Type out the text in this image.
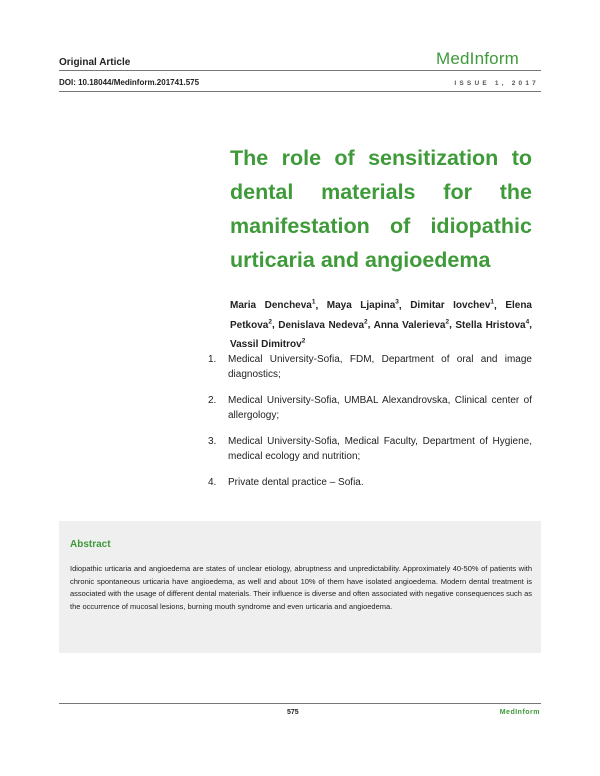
Original Article
DOI: 10.18044/Medinform.201741.575
MedInform
ISSUE 1, 2017
The role of sensitization to dental materials for the manifestation of idiopathic urticaria and angioedema
Maria Dencheva$^1$, Maya Ljapina$^3$, Dimitar Iovchev$^1$, Elena Petkova$^2$, Denislava Nedeva$^2$, Anna Valerieva$^2$, Stella Hristova$^4$, Vassil Dimitrov$^2$
1. Medical University-Sofia, FDM, Department of oral and image diagnostics;
2. Medical University-Sofia, UMBAL Alexandrovska, Clinical center of allergology;
3. Medical University-Sofia, Medical Faculty, Department of Hygiene, medical ecology and nutrition;
4. Private dental practice – Sofia.
Abstract
Idiopathic urticaria and angioedema are states of unclear etiology, abruptness and unpredictability. Approximately 40-50% of patients with chronic spontaneous urticaria have angioedema, as well and about 10% of them have isolated angioedema. Modern dental treatment is associated with the usage of different dental materials. Their influence is diverse and often associated with negative consequences such as the occurrence of mucosal lesions, burning mouth syndrome and even urticaria and angioedema.
575	MedInform
